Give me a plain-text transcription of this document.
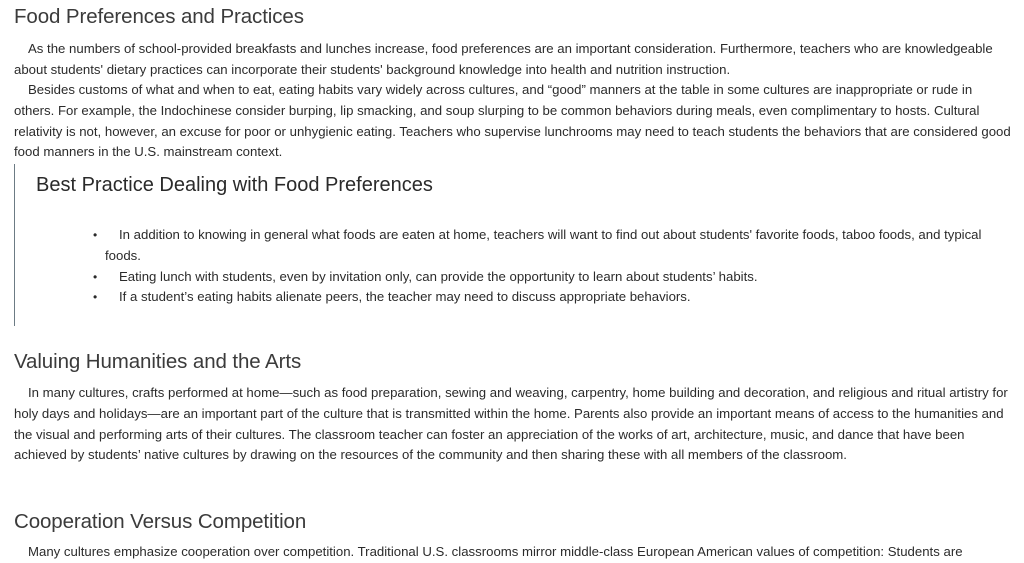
Food Preferences and Practices

As the numbers of school-provided breakfasts and lunches increase, food preferences are an important consideration. Furthermore, teachers who are knowledgeable about students' dietary practices can incorporate their students' background knowledge into health and nutrition instruction.

Besides customs of what and when to eat, eating habits vary widely across cultures, and “good” manners at the table in some cultures are inappropriate or rude in others. For example, the Indochinese consider burping, lip smacking, and soup slurping to be common behaviors during meals, even complimentary to hosts. Cultural relativity is not, however, an excuse for poor or unhygienic eating. Teachers who supervise lunchrooms may need to teach students the behaviors that are considered good food manners in the U.S. mainstream context.

Best Practice Dealing with Food Preferences
• In addition to knowing in general what foods are eaten at home, teachers will want to find out about students' favorite foods, taboo foods, and typical foods.
• Eating lunch with students, even by invitation only, can provide the opportunity to learn about students’ habits.
• If a student’s eating habits alienate peers, the teacher may need to discuss appropriate behaviors.
Valuing Humanities and the Arts

In many cultures, crafts performed at home—such as food preparation, sewing and weaving, carpentry, home building and decoration, and religious and ritual artistry for holy days and holidays—are an important part of the culture that is transmitted within the home. Parents also provide an important means of access to the humanities and the visual and performing arts of their cultures. The classroom teacher can foster an appreciation of the works of art, architecture, music, and dance that have been achieved by students’ native cultures by drawing on the resources of the community and then sharing these with all members of the classroom.

Cooperation Versus Competition

Many cultures emphasize cooperation over competition. Traditional U.S. classrooms mirror middle-class European American values of competition: Students are
